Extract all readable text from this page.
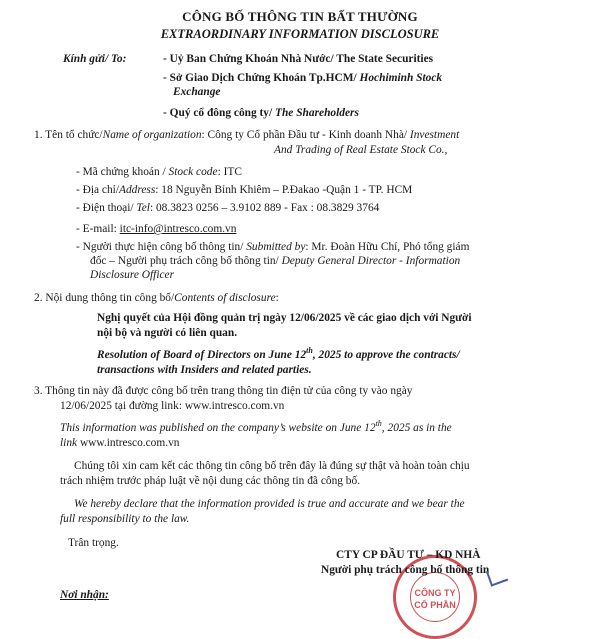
CÔNG BỐ THÔNG TIN BẤT THƯỜNG
EXTRAORDINARY INFORMATION DISCLOSURE
Kính gửi/ To:	- Uỷ Ban Chứng Khoán Nhà Nước/ The State Securities
- Sở Giao Dịch Chứng Khoán Tp.HCM/ Hochiminh Stock
Exchange
- Quý cổ đông công ty/ The Shareholders
1. Tên tổ chức/Name of organization: Công ty Cổ phần Đầu tư - Kinh doanh Nhà/ Investment
And Trading of Real Estate Stock Co.,
- Mã chứng khoán / Stock code: ITC
- Địa chỉ/Address: 18 Nguyễn Bỉnh Khiêm – P.Đakao -Quận 1 - TP. HCM
- Điện thoại/ Tel: 08.3823 0256 – 3.9102 889 - Fax : 08.3829 3764
- E-mail: itc-info@intresco.com.vn
- Người thực hiện công bố thông tin/ Submitted by: Mr. Đoàn Hữu Chí, Phó tổng giám
đốc – Người phụ trách công bố thông tin/ Deputy General Director - Information
Disclosure Officer
2. Nội dung thông tin công bố/Contents of disclosure:
Nghị quyết của Hội đồng quản trị ngày 12/06/2025 về các giao dịch với Người
nội bộ và người có liên quan.
Resolution of Board of Directors on June 12th, 2025 to approve the contracts/
transactions with Insiders and related parties.
3. Thông tin này đã được công bố trên trang thông tin điện tử của công ty vào ngày
12/06/2025 tại đường link: www.intresco.com.vn
This information was published on the company’s website on June 12th, 2025 as in the
link www.intresco.com.vn
Chúng tôi xin cam kết các thông tin công bố trên đây là đúng sự thật và hoàn toàn chịu
trách nhiệm trước pháp luật về nội dung các thông tin đã công bố.
We hereby declare that the information provided is true and accurate and we bear the
full responsibility to the law.
Trân trọng.
CÔNG TY
CỔ PHẦN
CTY CP ĐẦU TƯ – KD NHÀ
Người phụ trách công bố thông tin
Nơi nhận:
